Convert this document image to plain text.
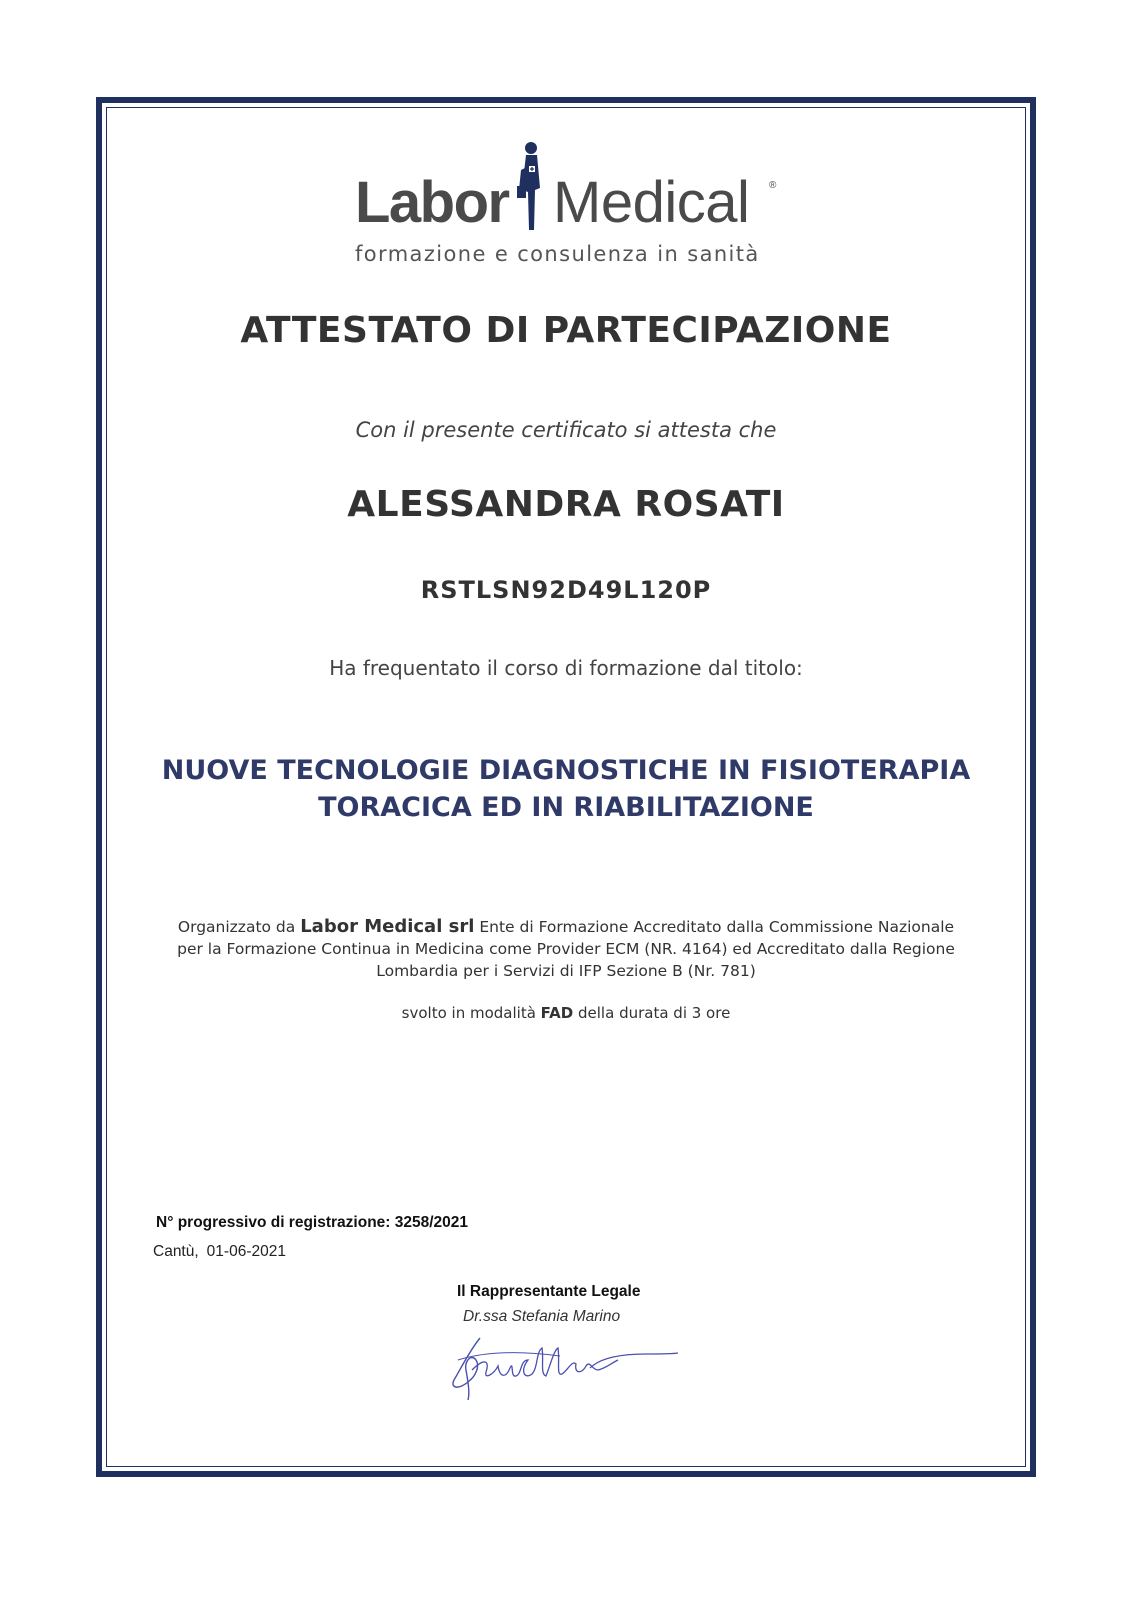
Labor Medical ®
formazione e consulenza in sanità
ATTESTATO DI PARTECIPAZIONE
Con il presente certificato si attesta che
ALESSANDRA ROSATI
RSTLSN92D49L120P
Ha frequentato il corso di formazione dal titolo:
NUOVE TECNOLOGIE DIAGNOSTICHE IN FISIOTERAPIA
TORACICA ED IN RIABILITAZIONE
Organizzato da Labor Medical srl Ente di Formazione Accreditato dalla Commissione Nazionale
per la Formazione Continua in Medicina come Provider ECM (NR. 4164) ed Accreditato dalla Regione
Lombardia per i Servizi di IFP Sezione B (Nr. 781)
svolto in modalità FAD della durata di 3 ore
N° progressivo di registrazione: 3258/2021
Cantù, 01-06-2021
Il Rappresentante Legale
Dr.ssa Stefania Marino
